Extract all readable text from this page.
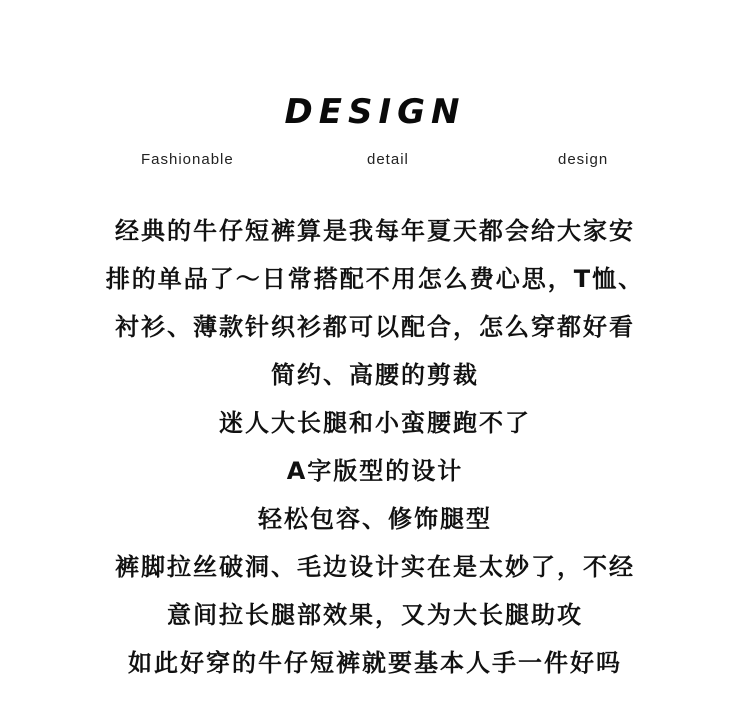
DESIGN
Fashionable	detail	design
经典的牛仔短裤算是我每年夏天都会给大家安
排的单品了～日常搭配不用怎么费心思，T恤、
衬衫、薄款针织衫都可以配合，怎么穿都好看
简约、高腰的剪裁
迷人大长腿和小蛮腰跑不了
A字版型的设计
轻松包容、修饰腿型
裤脚拉丝破洞、毛边设计实在是太妙了，不经
意间拉长腿部效果，又为大长腿助攻
如此好穿的牛仔短裤就要基本人手一件好吗
